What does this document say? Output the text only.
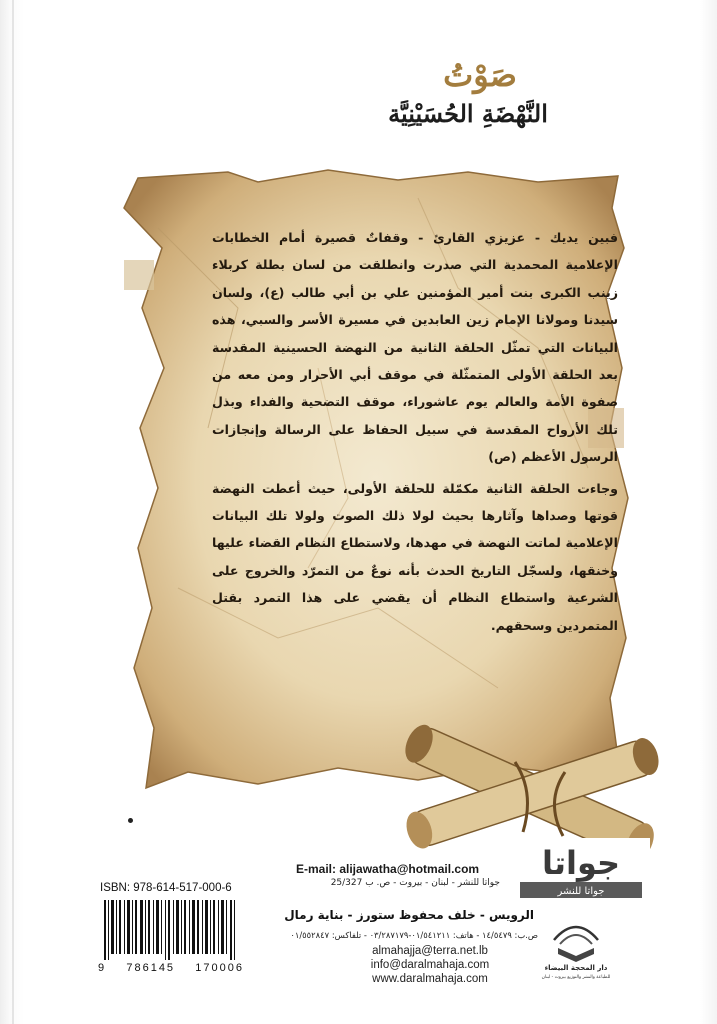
صَوْتُ
النَّهْضَةِ الحُسَيْنِيَّة

فبين يديك - عزيزي القارئ - وقفاتٌ قصيرة أمام الخطابات الإعلامية المحمدية التي صدرت وانطلقت من لسان بطلة كربلاء زينب الكبرى بنت أمير المؤمنين علي بن أبي طالب (ع)، ولسان سيدنا ومولانا الإمام زين العابدين في مسيرة الأسر والسبي، هذه البيانات التي تمثّل الحلقة الثانية من النهضة الحسينية المقدسة بعد الحلقة الأولى المتمثّلة في موقف أبي الأحرار ومن معه من صفوة الأمة والعالم يوم عاشوراء، موقف التضحية والفداء وبذل تلك الأرواح المقدسة في سبيل الحفاظ على الرسالة وإنجازات الرسول الأعظم (ص)

وجاءت الحلقة الثانية مكمّلة للحلقة الأولى، حيث أعطت النهضة قوتها وصداها وآثارها بحيث لولا ذلك الصوت ولولا تلك البيانات الإعلامية لماتت النهضة في مهدها، ولاستطاع النظام القضاء عليها وخنقها، ولسجّل التاريخ الحدث بأنه نوعٌ من التمرّد والخروج على الشرعية واستطاع النظام أن يقضي على هذا التمرد بقتل المتمردين وسحقهم.

جواتا
جواتا للنشر
E-mail: alijawatha@hotmail.com
جواتا للنشر - لبنان - بيروت - ص. ب 25/327
ISBN: 978-614-517-000-6
9 786145 170006
الرويس - خلف محفوظ ستورز - بناية رمال
ص.ب: ١٤/٥٤٧٩ - هاتف: ٠١/٥٤١٢١١-٠٣/٢٨٧١٧٩ - تلفاكس: ٠١/٥٥٢٨٤٧
almahajja@terra.net.lb
info@daralmahaja.com
www.daralmahaja.com
دار المحجة البيضاء
للطباعة والنشر والتوزيع بيروت - لبنان
